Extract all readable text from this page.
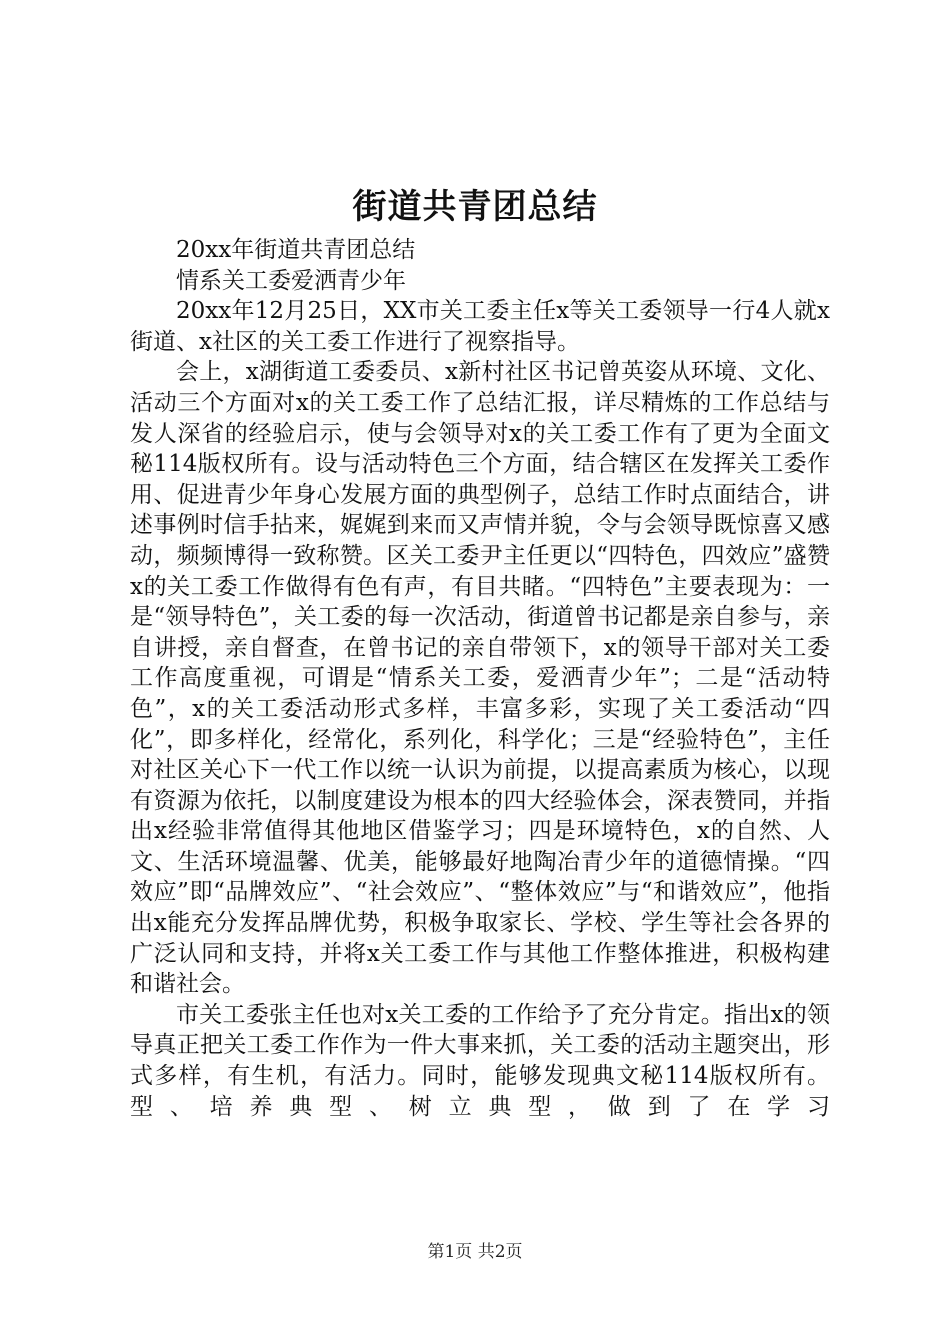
街道共青团总结

20xx年街道共青团总结

情系关工委爱洒青少年

20xx年12月25日，XX市关工委主任x等关工委领导一行4人就x街道、x社区的关工委工作进行了视察指导。

会上，x湖街道工委委员、x新村社区书记曾英姿从环境、文化、活动三个方面对x的关工委工作了总结汇报，详尽精炼的工作总结与发人深省的经验启示，使与会领导对x的关工委工作有了更为全面文秘114版权所有。设与活动特色三个方面，结合辖区在发挥关工委作用、促进青少年身心发展方面的典型例子，总结工作时点面结合，讲述事例时信手拈来，娓娓到来而又声情并貌，令与会领导既惊喜又感动，频频博得一致称赞。区关工委尹主任更以“四特色，四效应”盛赞x的关工委工作做得有色有声，有目共睹。“四特色”主要表现为：一是“领导特色”，关工委的每一次活动，街道曾书记都是亲自参与，亲自讲授，亲自督查，在曾书记的亲自带领下，x的领导干部对关工委工作高度重视，可谓是“情系关工委，爱洒青少年”；二是“活动特色”，x的关工委活动形式多样，丰富多彩，实现了关工委活动“四化”，即多样化，经常化，系列化，科学化；三是“经验特色”，主任对社区关心下一代工作以统一认识为前提，以提高素质为核心，以现有资源为依托，以制度建设为根本的四大经验体会，深表赞同，并指出x经验非常值得其他地区借鉴学习；四是环境特色，x的自然、人文、生活环境温馨、优美，能够最好地陶冶青少年的道德情操。“四效应”即“品牌效应”、“社会效应”、“整体效应”与“和谐效应”，他指出x能充分发挥品牌优势，积极争取家长、学校、学生等社会各界的广泛认同和支持，并将x关工委工作与其他工作整体推进，积极构建和谐社会。

市关工委张主任也对x关工委的工作给予了充分肯定。指出x的领导真正把关工委工作作为一件大事来抓，关工委的活动主题突出，形式多样，有生机，有活力。同时，能够发现典文秘114版权所有。型、培养典型、树立典型，做到了在学习

第1页 共2页
